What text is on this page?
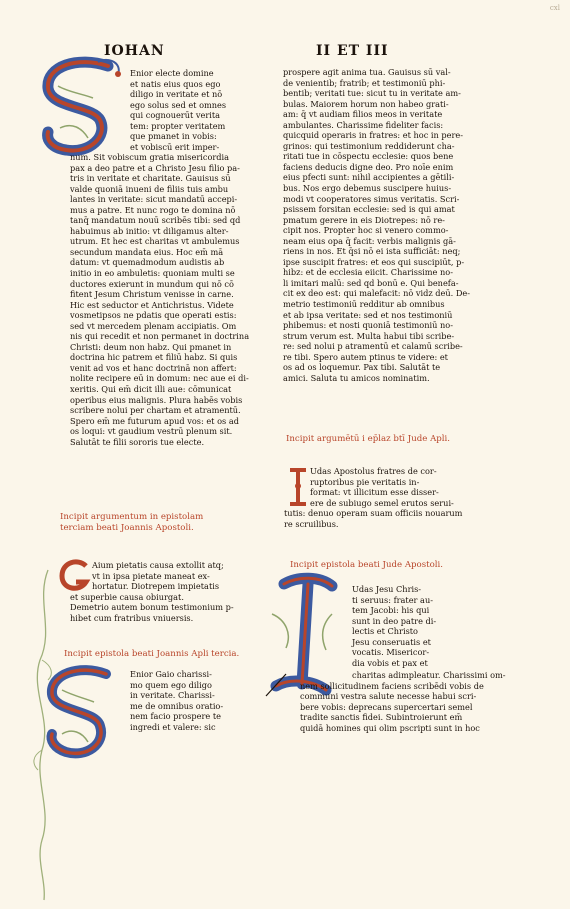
cxl
IOHAN	II ET III
Enior electe domine
et natis eius quos ego
diligo in veritate et nō
ego solus sed et omnes
qui cognouerūt verita
tem: propter veritatem
que pmanet in vobis:
et vobiscū erit imper-
num. Sit vobiscum gratia misericordia
pax a deo patre et a Christo Jesu filio pa-
tris in veritate et charitate. Gauisus sū
valde quoniā inueni de filiis tuis ambu
lantes in veritate: sicut mandatū accepi-
mus a patre. Et nunc rogo te domina nō
tanq̄ mandatum nouū scribēs tibi: sed qd
habuimus ab initio: vt diligamus alter-
utrum. Et hec est charitas vt ambulemus
secundum mandata eius. Hoc em̄ mā
datum: vt quemadmodum audistis ab
initio in eo ambuletis: quoniam multi se
ductores exierunt in mundum qui nō cō
fitent Jesum Christum venisse in carne.
Hic est seductor et Antichristus. Videte
vosmetipsos ne pdatis que operati estis:
sed vt mercedem plenam accipiatis. Om
nis qui recedit et non permanet in doctrina
Christi: deum non habz. Qui pmanet in
doctrina hic patrem et filiū habz. Si quis
venit ad vos et hanc doctrinā non affert:
nolite recipere eū in domum: nec aue ei di-
xeritis. Qui em̄ dicit illi aue: cōmunicat
operibus eius malignis. Plura habēs vobis
scribere nolui per chartam et atramentū.
Spero em̄ me futurum apud vos: et os ad
os loqui: vt gaudium vestrū plenum sit.
Salutāt te filii sororis tue electe.
Incipit argumentum in epistolam
terciam beati Joannis Apostoli.
Aium pietatis causa extollit atq;
vt in ipsa pietate maneat ex-
hortatur. Diotrepem impietatis
et superbie causa obiurgat.
Demetrio autem bonum testimonium p-
hibet cum fratribus vniuersis.
Incipit epistola beati Joannis Apli tercia.
Enior Gaio charissi-
mo quem ego diligo
in veritate. Charissi-
me de omnibus oratio-
nem facio prospere te
ingredi et valere: sic
prospere agit anima tua. Gauisus sū val-
de venientib; fratrib; et testimoniū phi-
bentib; veritati tue: sicut tu in veritate am-
bulas. Maiorem horum non habeo grati-
am: q̄ vt audiam filios meos in veritate
ambulantes. Charissime fideliter facis:
quicquid operaris in fratres: et hoc in pere-
grinos: qui testimonium reddiderunt cha-
ritati tue in cōspectu ecclesie: quos bene
faciens deducis digne deo. Pro noīe enim
eius pfecti sunt: nihil accipientes a gētili-
bus. Nos ergo debemus suscipere huius-
modi vt cooperatores simus veritatis. Scri-
psissem forsitan ecclesie: sed is qui amat
pmatum gerere in eis Diotrepes: nō re-
cipit nos. Propter hoc si venero commo-
neam eius opa q̄ facit: verbis malignis gā-
riens in nos. Et q̄si nō ei ista sufficiāt: neq;
ipse suscipit fratres: et eos qui suscipiūt, p-
hibz: et de ecclesia eiicit. Charissime no-
li imitari malū: sed qd bonū e. Qui benefa-
cit ex deo est: qui malefacit: nō vidz deū. De-
metrio testimoniū redditur ab omnibus
et ab ipsa veritate: sed et nos testimoniū
phibemus: et nosti quoniā testimoniū no-
strum verum est. Multa habui tibi scribe-
re: sed nolui p atramentū et calamū scribe-
re tibi. Spero autem ptinus te videre: et
os ad os loquemur. Pax tibi. Salutāt te
amici. Saluta tu amicos nominatim.
Incipit argumētū i ep̄laz btī Jude Apli.
Udas Apostolus fratres de cor-
ruptoribus pie veritatis in-
format: vt illicitum esse disser-
ere de subiugo semel erutos serui-
tutis: denuo operam suam officiis nouarum
re scruilibus.
Incipit epistola beati Jude Apostoli.
Udas Jesu Chris-
ti seruus: frater au-
tem Jacobi: his qui
sunt in deo patre di-
lectis et Christo
Jesu conseruatis et
vocatis. Misericor-
dia vobis et pax et
charitas adimpleatur. Charissimi om-
nem sollicitudinem faciens scribēdi vobis de
communi vestra salute necesse habui scri-
bere vobis: deprecans supercertari semel
tradite sanctis fidei. Subintroierunt em̄
quidā homines qui olim pscripti sunt in hoc
